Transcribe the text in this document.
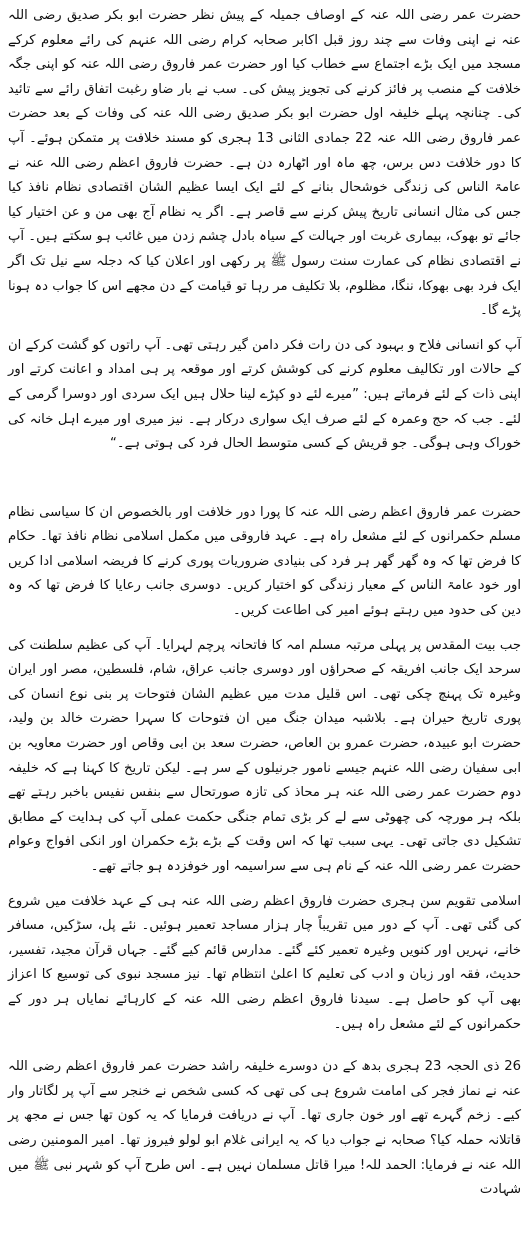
حضرت عمر رضی اللہ عنہ کے اوصاف جمیلہ کے پیش نظر حضرت ابو بکر صدیق رضی اللہ عنہ نے اپنی وفات سے چند روز قبل اکابر صحابہ کرام رضی اللہ عنہم کی رائے معلوم کرکے مسجد میں ایک بڑے اجتماع سے خطاب کیا اور حضرت عمر فاروق رضی اللہ عنہ کو اپنی جگہ خلافت کے منصب پر فائز کرنے کی تجویز پیش کی۔ سب نے بار ضاو رغبت اتفاق رائے سے تائید کی۔ چنانچہ پہلے خلیفہ اول حضرت ابو بکر صدیق رضی اللہ عنہ کی وفات کے بعد حضرت عمر فاروق رضی اللہ عنہ 22 جمادی الثانی 13 ہجری کو مسند خلافت پر متمکن ہوئے۔ آپ کا دور خلافت دس برس، چھ ماہ اور اٹھارہ دن ہے۔ حضرت فاروق اعظم رضی اللہ عنہ نے عامۃ الناس کی زندگی خوشحال بنانے کے لئے ایک ایسا عظیم الشان اقتصادی نظام نافذ کیا جس کی مثال انسانی تاریخ پیش کرنے سے قاصر ہے۔ اگر یہ نظام آج بھی من و عن اختیار کیا جائے تو بھوک، بیماری غربت اور جہالت کے سیاہ بادل چشم زدن میں غائب ہو سکتے ہیں۔ آپ نے اقتصادی نظام کی عمارت سنت رسول ﷺ پر رکھی اور اعلان کیا کہ دجلہ سے نیل تک اگر ایک فرد بھی بھوکا، ننگا، مظلوم، بلا تکلیف مر رہا تو قیامت کے دن مجھے اس کا جواب دہ ہونا پڑے گا۔

آپ کو انسانی فلاح و بہبود کی دن رات فکر دامن گیر رہتی تھی۔ آپ راتوں کو گشت کرکے ان کے حالات اور تکالیف معلوم کرنے کی کوشش کرتے اور موقعہ پر ہی امداد و اعانت کرتے اور اپنی ذات کے لئے فرماتے ہیں: ”میرے لئے دو کپڑے لینا حلال ہیں ایک سردی اور دوسرا گرمی کے لئے۔ جب کہ حج وعمرہ کے لئے صرف ایک سواری درکار ہے۔ نیز میری اور میرے اہل خانہ کی خوراک وہی ہوگی۔ جو قریش کے کسی متوسط الحال فرد کی ہوتی ہے۔“

حضرت عمر فاروق اعظم رضی اللہ عنہ کا پورا دور خلافت اور بالخصوص ان کا سیاسی نظام مسلم حکمرانوں کے لئے مشعل راہ ہے۔ عہد فاروقی میں مکمل اسلامی نظام نافذ تھا۔ حکام کا فرض تھا کہ وہ گھر گھر ہر فرد کی بنیادی ضروریات پوری کرنے کا فریضہ اسلامی ادا کریں اور خود عامۃ الناس کے معیار زندگی کو اختیار کریں۔ دوسری جانب رعایا کا فرض تھا کہ وہ دین کی حدود میں رہتے ہوئے امیر کی اطاعت کریں۔

جب بیت المقدس پر پہلی مرتبہ مسلم امہ کا فاتحانہ پرچم لہرایا۔ آپ کی عظیم سلطنت کی سرحد ایک جانب افریقہ کے صحراؤں اور دوسری جانب عراق، شام، فلسطین، مصر اور ایران وغیرہ تک پہنچ چکی تھی۔ اس قلیل مدت میں عظیم الشان فتوحات پر بنی نوع انسان کی پوری تاریخ حیران ہے۔ بلاشبہ میدان جنگ میں ان فتوحات کا سہرا حضرت خالد بن ولید، حضرت ابو عبیدہ، حضرت عمرو بن العاص، حضرت سعد بن ابی وقاص اور حضرت معاویہ بن ابی سفیان رضی اللہ عنہم جیسے نامور جرنیلوں کے سر ہے۔ لیکن تاریخ کا کہنا ہے کہ خلیفہ دوم حضرت عمر رضی اللہ عنہ ہر محاذ کی تازہ صورتحال سے بنفس نفیس باخبر رہتے تھے بلکہ ہر مورچہ کی چھوٹی سے لے کر بڑی تمام جنگی حکمت عملی آپ کی ہدایت کے مطابق تشکیل دی جاتی تھی۔ یہی سبب تھا کہ اس وقت کے بڑے بڑے حکمران اور انکی افواج وعوام حضرت عمر رضی اللہ عنہ کے نام ہی سے سراسیمہ اور خوفزدہ ہو جاتے تھے۔

اسلامی تقویم سن ہجری حضرت فاروق اعظم رضی اللہ عنہ ہی کے عہد خلافت میں شروع کی گئی تھی۔ آپ کے دور میں تقریباً چار ہزار مساجد تعمیر ہوئیں۔ نئے پل، سڑکیں، مسافر خانے، نہریں اور کنویں وغیرہ تعمیر کئے گئے۔ مدارس قائم کیے گئے۔ جہاں قرآن مجید، تفسیر، حدیث، فقہ اور زبان و ادب کی تعلیم کا اعلیٰ انتظام تھا۔ نیز مسجد نبوی کی توسیع کا اعزاز بھی آپ کو حاصل ہے۔ سیدنا فاروق اعظم رضی اللہ عنہ کے کارہائے نمایاں ہر دور کے حکمرانوں کے لئے مشعل راہ ہیں۔

26 ذی الحجہ 23 ہجری بدھ کے دن دوسرے خلیفہ راشد حضرت عمر فاروق اعظم رضی اللہ عنہ نے نماز فجر کی امامت شروع ہی کی تھی کہ کسی شخص نے خنجر سے آپ پر لگاتار وار کیے۔ زخم گہرے تھے اور خون جاری تھا۔ آپ نے دریافت فرمایا کہ یہ کون تھا جس نے مجھ پر قاتلانہ حملہ کیا؟ صحابہ نے جواب دیا کہ یہ ایرانی غلام ابو لولو فیروز تھا۔ امیر المومنین رضی اللہ عنہ نے فرمایا: الحمد للہ! میرا قاتل مسلمان نہیں ہے۔ اس طرح آپ کو شہر نبی ﷺ میں شہادت
